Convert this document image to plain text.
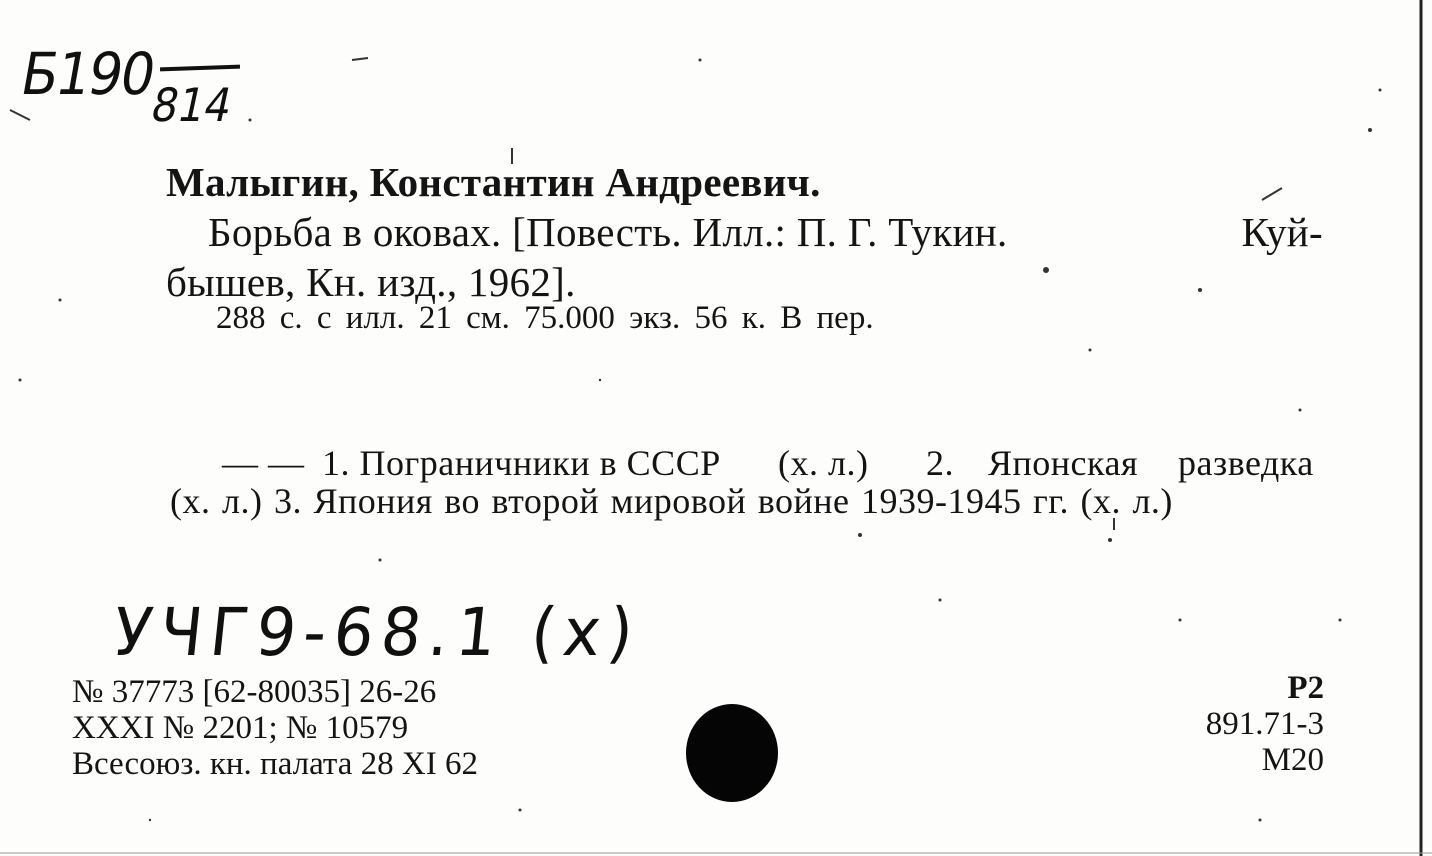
Б190
814
Малыгин, Константин Андреевич.
Борьба в оковах. [Повесть. Илл.: П. Г. Тукин.	Куй-
бышев, Кн. изд., 1962].
288 с. с илл. 21 см. 75.000 экз. 56 к. В пер.
— — 1. Пограничники в СССР (х. л.) 2. Японская разведка
(х. л.) 3. Япония во второй мировой войне 1939-1945 гг. (х. л.)
УЧГ9-68.1 (х)
№ 37773 [62-80035] 26-26
XXXI № 2201; № 10579
Всесоюз. кн. палата 28 XI 62
Р2
891.71-3
М20
